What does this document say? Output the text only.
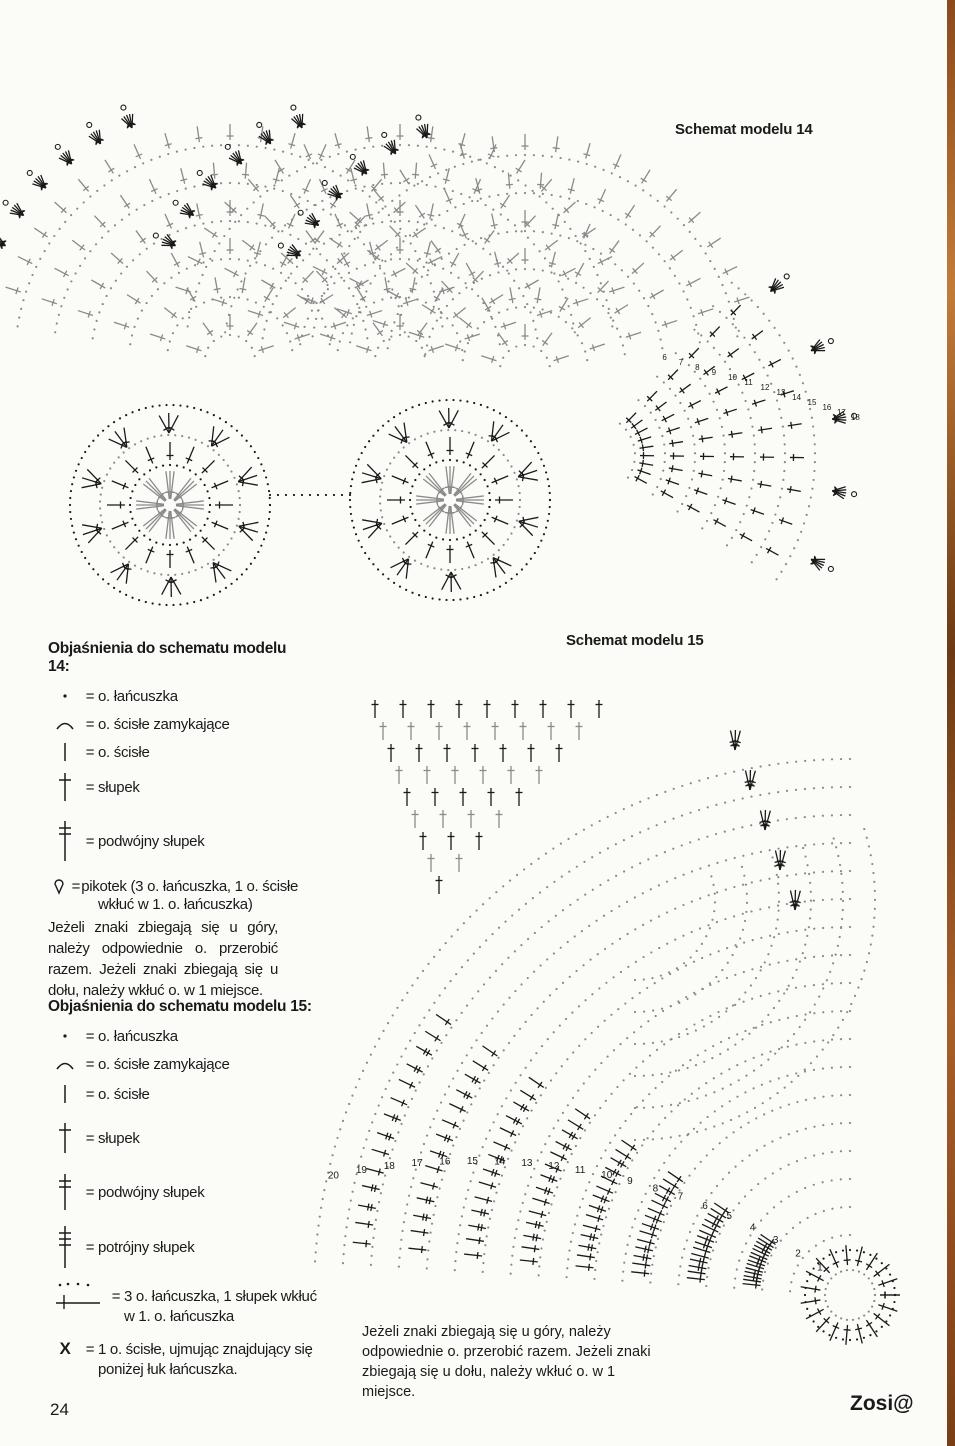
6
7
8
9
10
11
12
13
14
15
16
17
18
Schemat modelu 14
20 19 18 17 16 15 14 13 12 11 10
9
8
7
6
5
4
3
2
1
Schemat modelu 15
Objaśnienia do schematu modelu 14:
= o. łańcuszka
= o. ścisłe zamykające
= o. ścisłe
= słupek
= podwójny słupek
= pikotek (3 o. łańcuszka, 1 o. ścisłe
wkłuć w 1. o. łańcuszka)
Jeżeli znaki zbiegają się u góry, należy odpowiednie o. przerobić razem. Jeżeli znaki zbiegają się u dołu, należy wkłuć o. w 1 miejsce.
Objaśnienia do schematu modelu 15:
= o. łańcuszka
= o. ścisłe zamykające
= o. ścisłe
= słupek
= podwójny słupek
= potrójny słupek
= 3 o. łańcuszka, 1 słupek wkłuć
w 1. o. łańcuszka
X = 1 o. ścisłe, ujmując znajdujący się
poniżej łuk łańcuszka.
Jeżeli znaki zbiegają się u góry, należy odpowiednie o. przerobić razem. Jeżeli znaki zbiegają się u dołu, należy wkłuć o. w 1 miejsce.
24	Zosi@
